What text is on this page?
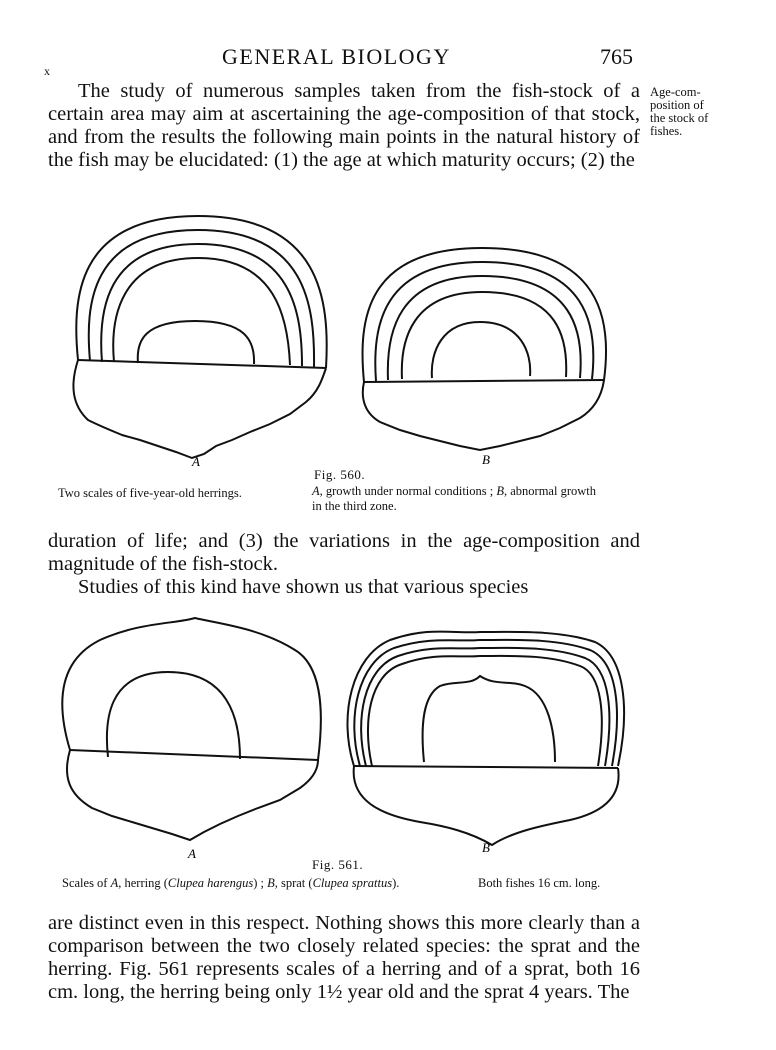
x
GENERAL BIOLOGY	765
Age-com-
position of
the stock of
fishes.
The study of numerous samples taken from the fish-stock of a certain area may aim at ascertaining the age-composition of that stock, and from the results the following main points in the natural history of the fish may be elucidated: (1) the age at which maturity occurs; (2) the
A	B
Fig. 560.
Two scales of five-year-old herrings.	A, growth under normal conditions ; B, abnormal growth
in the third zone.
duration of life; and (3) the variations in the age-composition and magnitude of the fish-stock.
Studies of this kind have shown us that various species
A	B
Fig. 561.
Scales of A, herring (Clupea harengus) ; B, sprat (Clupea sprattus).	Both fishes 16 cm. long.
are distinct even in this respect. Nothing shows this more clearly than a comparison between the two closely related species: the sprat and the herring. Fig. 561 represents scales of a herring and of a sprat, both 16 cm. long, the herring being only 1½ year old and the sprat 4 years. The
